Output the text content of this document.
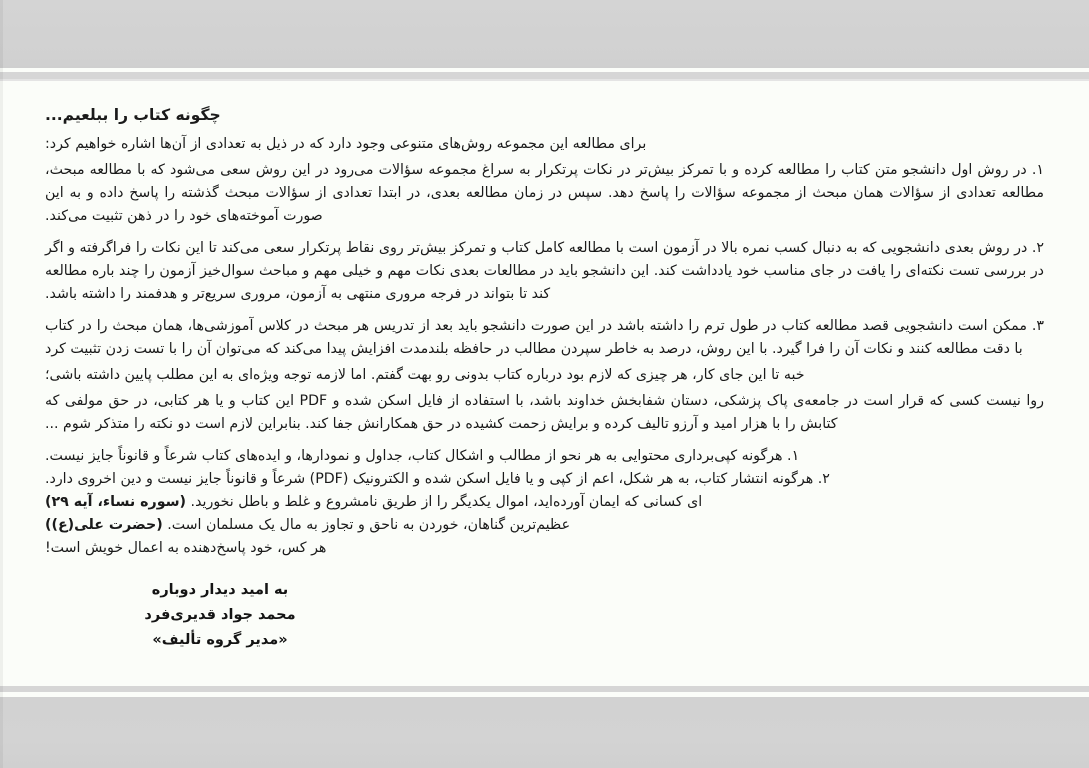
چگونه کتاب را ببلعیم...

برای مطالعه این مجموعه روش‌های متنوعی وجود دارد که در ذیل به تعدادی از آن‌ها اشاره خواهیم کرد:

۱. در روش اول دانشجو متن کتاب را مطالعه کرده و با تمرکز بیش‌تر در نکات پرتکرار به سراغ مجموعه سؤالات می‌رود در این روش سعی می‌شود که با مطالعه مبحث، مطالعه تعدادی از سؤالات همان مبحث از مجموعه سؤالات را پاسخ دهد. سپس در زمان مطالعه بعدی، در ابتدا تعدادی از سؤالات مبحث گذشته را پاسخ داده و به این صورت آموخته‌های خود را در ذهن تثبیت می‌کند.

۲. در روش بعدی دانشجویی که به دنبال کسب نمره بالا در آزمون است با مطالعه کامل کتاب و تمرکز بیش‌تر روی نقاط پرتکرار سعی می‌کند تا این نکات را فراگرفته و اگر در بررسی تست نکته‌ای را یافت در جای مناسب خود یادداشت کند. این دانشجو باید در مطالعات بعدی نکات مهم و خیلی مهم و مباحث سوال‌خیز آزمون را چند باره مطالعه کند تا بتواند در فرجه مروری منتهی به آزمون، مروری سریع‌تر و هدفمند را داشته باشد.

۳. ممکن است دانشجویی قصد مطالعه کتاب در طول ترم را داشته باشد در این صورت دانشجو باید بعد از تدریس هر مبحث در کلاس آموزشی‌ها، همان مبحث را در کتاب با دقت مطالعه کنند و نکات آن را فرا گیرد. با این روش، درصد به خاطر سپردن مطالب در حافظه بلندمدت افزایش پیدا می‌کند که می‌توان آن را با تست زدن تثبیت کرد

خبه تا این جای کار، هر چیزی که لازم بود درباره کتاب بدونی رو بهت گفتم. اما لازمه توجه ویژه‌ای به این مطلب پایین داشته باشی؛

روا نیست کسی که قرار است در جامعه‌ی پاک پزشکی، دستان شفابخش خداوند باشد، با استفاده از فایل اسکن شده و PDF این کتاب و یا هر کتابی، در حق مولفی که کتابش را با هزار امید و آرزو تالیف کرده و برایش زحمت کشیده در حق همکارانش جفا کند. بنابراین لازم است دو نکته را متذکر شوم ...

۱. هرگونه کپی‌برداری محتوایی به هر نحو از مطالب و اشکال کتاب، جداول و نمودارها، و ایده‌های کتاب شرعاً و قانوناً جایز نیست.

۲. هرگونه انتشار کتاب، به هر شکل، اعم از کپی و یا فایل اسکن شده و الکترونیک (PDF) شرعاً و قانوناً جایز نیست و دین اخروی دارد.

ای کسانی که ایمان آورده‌اید، اموال یکدیگر را از طریق نامشروع و غلط و باطل نخورید. (سوره نساء، آیه ۲۹)

عظیم‌ترین گناهان، خوردن به ناحق و تجاوز به مال یک مسلمان است. (حضرت علی(ع))

هر کس، خود پاسخ‌دهنده به اعمال خویش است!

به امید دیدار دوباره
محمد جواد قدیری‌فرد
«مدیر گروه تألیف»
